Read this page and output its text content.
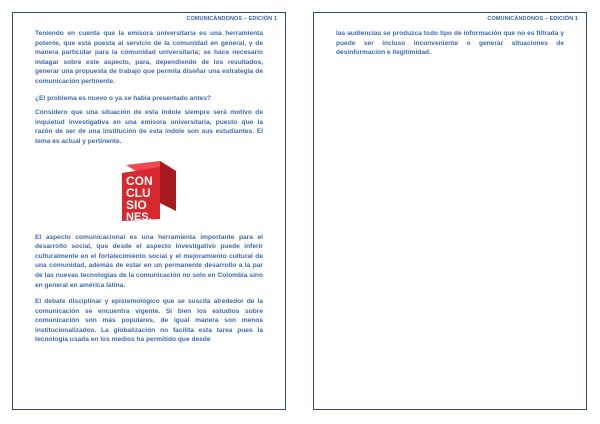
COMUNICÁNDONOS – EDICIÓN 1

Teniendo en cuenta que la emisora universitaria es una herramienta potente, que está puesta al servicio de la comunidad en general, y de manera particular para la comunidad universitaria; se hace necesario indagar sobre este aspecto, para, dependiendo de los resultados, generar una propuesta de trabajo que permita diseñar una estrategia de comunicación pertinente.

¿El problema es nuevo o ya se había presentado antes?

Considero que una situación de esta índole siempre será motivo de inquietud investigativa en una emisora universitaria, puesto que la razón de ser de una institución de esta índole son sus estudiantes. El tema es actual y pertinente.

CON
CLU
SIO
NES.

El aspecto comunicacional es una herramienta importante para el desarrollo social, que desde el aspecto investigativo puede inferir culturalmente en el fortalecimiento social y el mejoramiento cultural de una comunidad, además de estar en un permanente desarrollo a la par de las nuevas tecnologías de la comunicación no solo en Colombia sino en general en américa latina.

El debate disciplinar y epistemológico que se suscita alrededor de la comunicación se encuentra vigente. Si bien los estudios sobre comunicación son más populares, de igual manera son menos institucionalizados. La globalización no facilita esta tarea pues la tecnología usada en los medios ha permitido que desde

COMUNICÁNDONOS – EDICIÓN 1

las audiencias se produzca todo tipo de información que no es filtrada y puede ser incluso inconveniente o generar situaciones de desinformación e ilegitimidad.
